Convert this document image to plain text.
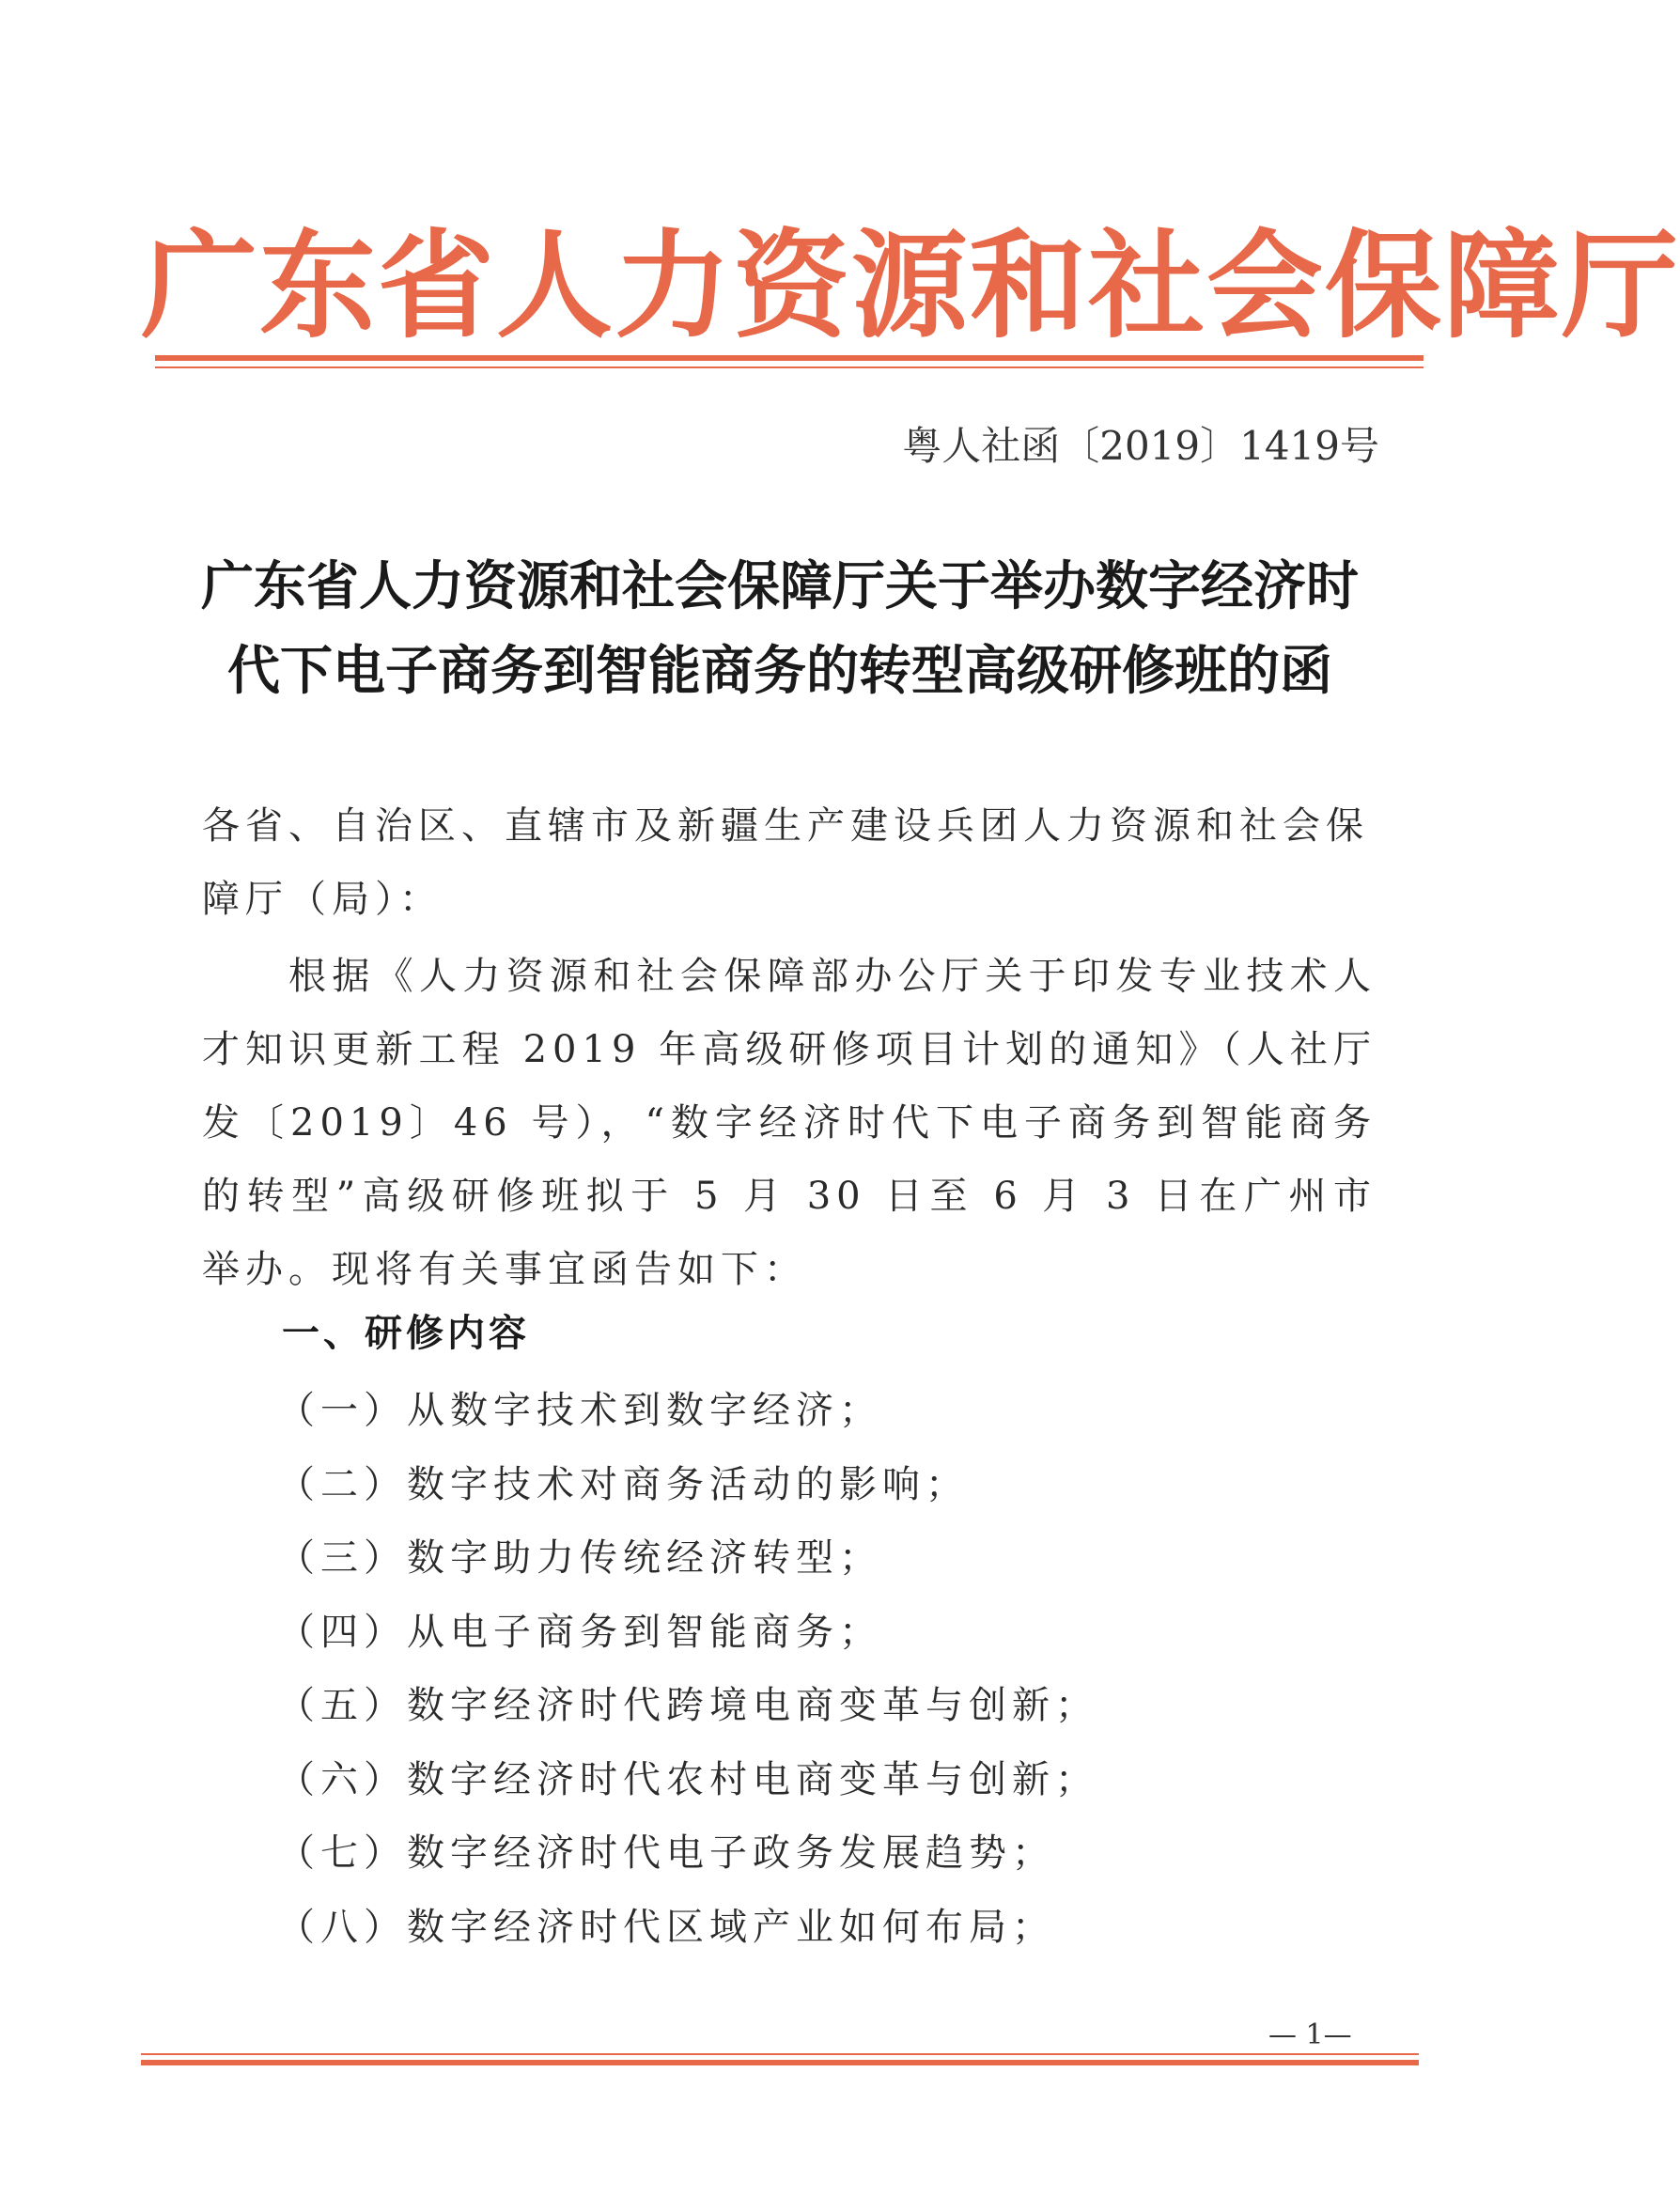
广东省人力资源和社会保障厅
粤人社函〔2019〕1419号
广东省人力资源和社会保障厅关于举办数字经济时
代下电子商务到智能商务的转型高级研修班的函

各省、自治区、直辖市及新疆生产建设兵团人力资源和社会保障厅（局）：

根据《人力资源和社会保障部办公厅关于印发专业技术人才知识更新工程 2019 年高级研修项目计划的通知》（人社厅发〔2019〕46 号），“数字经济时代下电子商务到智能商务的转型”高级研修班拟于 5 月 30 日至 6 月 3 日在广州市举办。现将有关事宜函告如下：

一、研修内容
（一）从数字技术到数字经济；
（二）数字技术对商务活动的影响；
（三）数字助力传统经济转型；
（四）从电子商务到智能商务；
（五）数字经济时代跨境电商变革与创新；
（六）数字经济时代农村电商变革与创新；
（七）数字经济时代电子政务发展趋势；
（八）数字经济时代区域产业如何布局；
— 1—
